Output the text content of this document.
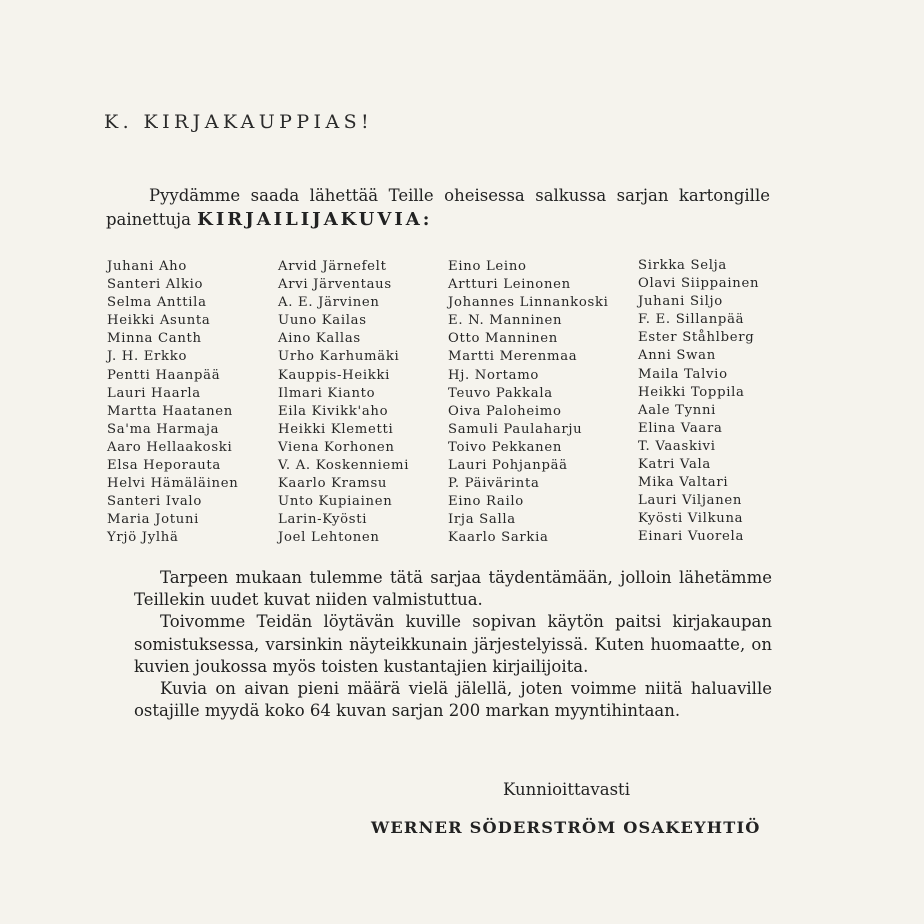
K. KIRJAKAUPPIAS!
Pyydämme saada lähettää Teille oheisessa salkussa sarjan kartongille painettuja KIRJAILIJAKUVIA:
Juhani Aho
Santeri Alkio
Selma Anttila
Heikki Asunta
Minna Canth
J. H. Erkko
Pentti Haanpää
Lauri Haarla
Martta Haatanen
Sa'ma Harmaja
Aaro Hellaakoski
Elsa Heporauta
Helvi Hämäläinen
Santeri Ivalo
Maria Jotuni
Yrjö Jylhä
Arvid Järnefelt
Arvi Järventaus
A. E. Järvinen
Uuno Kailas
Aino Kallas
Urho Karhumäki
Kauppis-Heikki
Ilmari Kianto
Eila Kivikk'aho
Heikki Klemetti
Viena Korhonen
V. A. Koskenniemi
Kaarlo Kramsu
Unto Kupiainen
Larin-Kyösti
Joel Lehtonen
Eino Leino
Artturi Leinonen
Johannes Linnankoski
E. N. Manninen
Otto Manninen
Martti Merenmaa
Hj. Nortamo
Teuvo Pakkala
Oiva Paloheimo
Samuli Paulaharju
Toivo Pekkanen
Lauri Pohjanpää
P. Päivärinta
Eino Railo
Irja Salla
Kaarlo Sarkia
Sirkka Selja
Olavi Siippainen
Juhani Siljo
F. E. Sillanpää
Ester Ståhlberg
Anni Swan
Maila Talvio
Heikki Toppila
Aale Tynni
Elina Vaara
T. Vaaskivi
Katri Vala
Mika Valtari
Lauri Viljanen
Kyösti Vilkuna
Einari Vuorela

Tarpeen mukaan tulemme tätä sarjaa täydentämään, jolloin lähetämme Teillekin uudet kuvat niiden valmistuttua.

Toivomme Teidän löytävän kuville sopivan käytön paitsi kirjakaupan somistuksessa, varsinkin näyteikkunain järjestelyissä. Kuten huomaatte, on kuvien joukossa myös toisten kustantajien kirjailijoita.

Kuvia on aivan pieni määrä vielä jälellä, joten voimme niitä haluaville ostajille myydä koko 64 kuvan sarjan 200 markan myyntihintaan.

Kunnioittavasti
WERNER SÖDERSTRÖM OSAKEYHTIÖ
